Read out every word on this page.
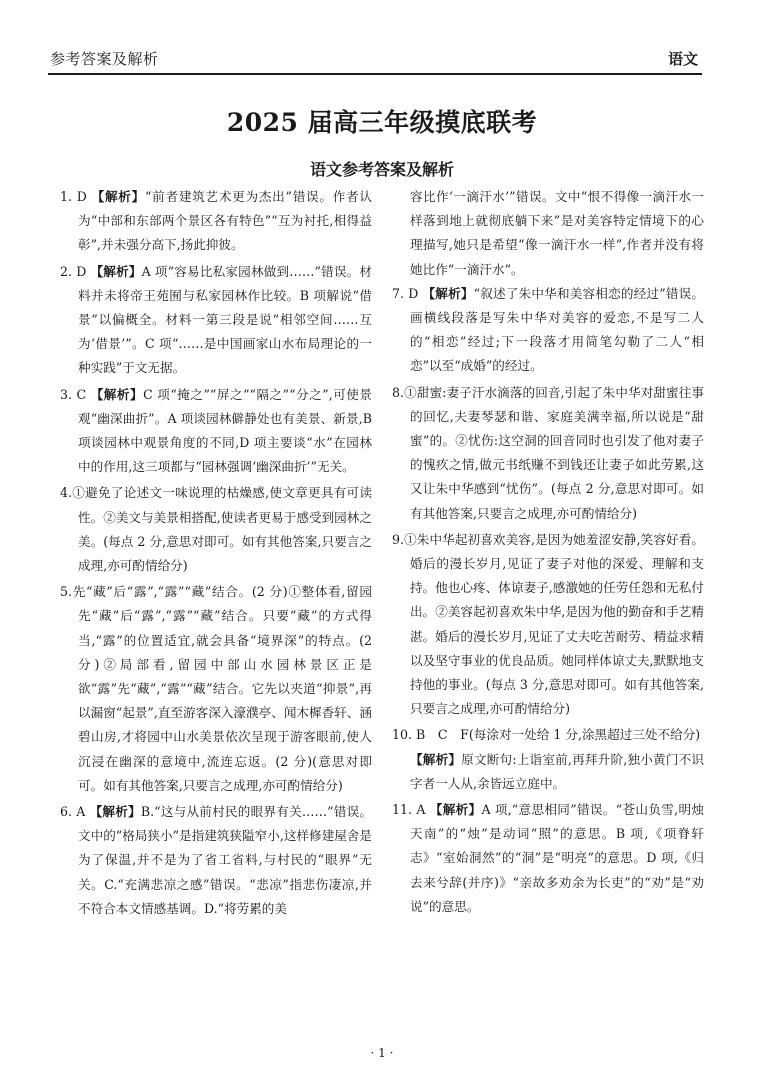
参考答案及解析	语文
2025 届高三年级摸底联考
语文参考答案及解析

1. D 【解析】“前者建筑艺术更为杰出”错误。作者认为“中部和东部两个景区各有特色”“互为衬托,相得益彰”,并未强分高下,扬此抑彼。

2. D 【解析】A 项“容易比私家园林做到……”错误。材料并未将帝王苑囿与私家园林作比较。B 项解说“借景”以偏概全。材料一第三段是说“相邻空间……互为‘借景’”。C 项“……是中国画家山水布局理论的一种实践”于文无据。

3. C 【解析】C 项“掩之”“屏之”“隔之”“分之”,可使景观“幽深曲折”。A 项谈园林僻静处也有美景、新景,B 项谈园林中观景角度的不同,D 项主要谈“水”在园林中的作用,这三项都与“园林强调‘幽深曲折’”无关。

4.①避免了论述文一味说理的枯燥感,使文章更具有可读性。②美文与美景相搭配,使读者更易于感受到园林之美。(每点 2 分,意思对即可。如有其他答案,只要言之成理,亦可酌情给分)

5.先“藏”后“露”,“露”“藏”结合。(2 分)①整体看,留园先“藏”后“露”,“露”“藏”结合。只要“藏”的方式得当,“露”的位置适宜,就会具备“境界深”的特点。(2 分)②局部看,留园中部山水园林景区正是欲“露”先“藏”,“露”“藏”结合。它先以夹道“抑景”,再以漏窗“起景”,直至游客深入濠濮亭、闻木樨香轩、涵碧山房,才将园中山水美景依次呈现于游客眼前,使人沉浸在幽深的意境中,流连忘返。(2 分)(意思对即可。如有其他答案,只要言之成理,亦可酌情给分)

6. A 【解析】B.“这与从前村民的眼界有关……”错误。文中的“格局狭小”是指建筑狭隘窄小,这样修建屋舍是为了保温,并不是为了省工省料,与村民的“眼界”无关。C.“充满悲凉之感”错误。“悲凉”指悲伤凄凉,并不符合本文情感基调。D.“将劳累的美

容比作‘一滴汗水’”错误。文中“恨不得像一滴汗水一样落到地上就彻底躺下来”是对美容特定情境下的心理描写,她只是希望“像一滴汗水一样”,作者并没有将她比作“一滴汗水”。

7. D 【解析】“叙述了朱中华和美容相恋的经过”错误。画横线段落是写朱中华对美容的爱恋,不是写二人的“相恋”经过;下一段落才用简笔勾勒了二人“相恋”以至“成婚”的经过。

8.①甜蜜:妻子汗水滴落的回音,引起了朱中华对甜蜜往事的回忆,夫妻琴瑟和谐、家庭美满幸福,所以说是“甜蜜”的。②忧伤:这空洞的回音同时也引发了他对妻子的愧疚之情,做元书纸赚不到钱还让妻子如此劳累,这又让朱中华感到“忧伤”。(每点 2 分,意思对即可。如有其他答案,只要言之成理,亦可酌情给分)

9.①朱中华起初喜欢美容,是因为她羞涩安静,笑容好看。婚后的漫长岁月,见证了妻子对他的深爱、理解和支持。他也心疼、体谅妻子,感激她的任劳任怨和无私付出。②美容起初喜欢朱中华,是因为他的勤奋和手艺精湛。婚后的漫长岁月,见证了丈夫吃苦耐劳、精益求精以及坚守事业的优良品质。她同样体谅丈夫,默默地支持他的事业。(每点 3 分,意思对即可。如有其他答案,只要言之成理,亦可酌情给分)

10. B　C　F(每涂对一处给 1 分,涂黑超过三处不给分)

【解析】原文断句:上诣室前,再拜升阶,独小黄门不识字者一人从,余皆远立庭中。

11. A 【解析】A 项,“意思相同”错误。“苍山负雪,明烛天南”的“烛”是动词“照”的意思。B 项,《项脊轩志》“室始洞然”的“洞”是“明亮”的意思。D 项,《归去来兮辞(并序)》“亲故多劝余为长吏”的“劝”是“劝说”的意思。

· 1 ·
